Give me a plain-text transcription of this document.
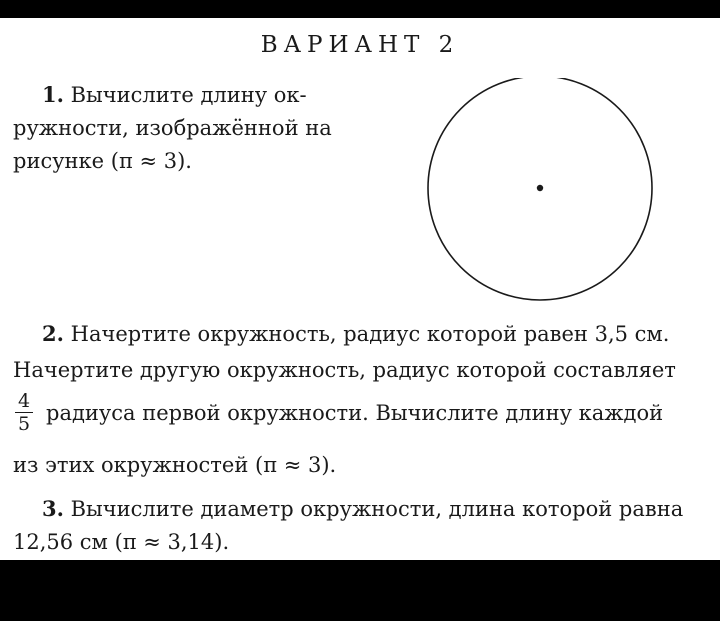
ВАРИАНТ 2
1. Вычислите длину ок-
ружности, изображённой на
рисунке (π ≈ 3).
2. Начертите окружность, радиус которой равен 3,5 см.
Начертите другую окружность, радиус которой составляет
4
5 радиуса первой окружности. Вычислите длину каждой
из этих окружностей (π ≈ 3).
3. Вычислите диаметр окружности, длина которой равна
12,56 см (π ≈ 3,14).
